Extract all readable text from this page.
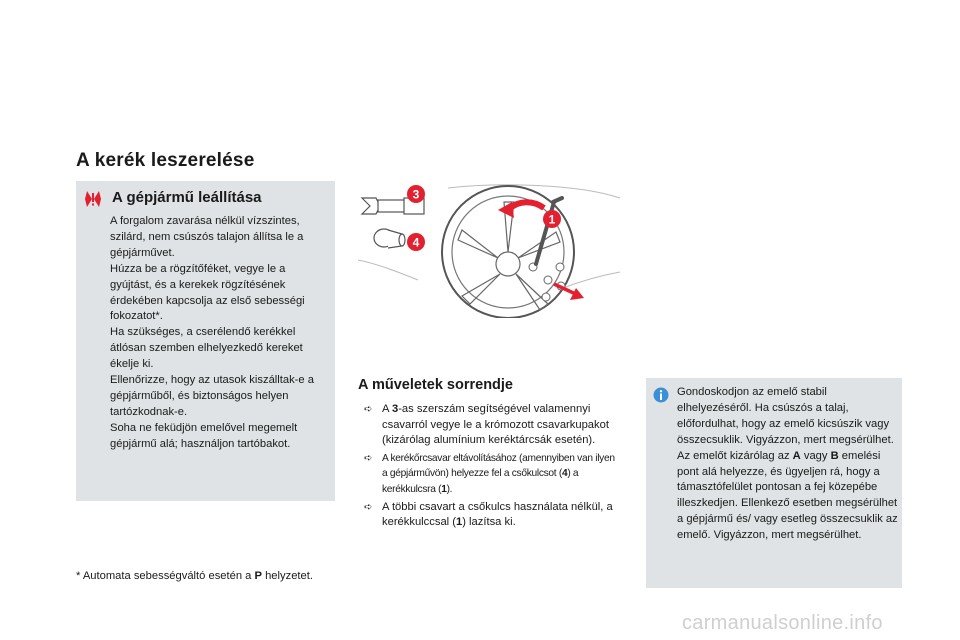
A kerék leszerelése
A gépjármű leállítása

A forgalom zavarása nélkül vízszintes, szilárd, nem csúszós talajon állítsa le a gépjárművet.
Húzza be a rögzítőféket, vegye le a gyújtást, és a kerekek rögzítésének érdekében kapcsolja az első sebességi fokozatot*.
Ha szükséges, a cserélendő kerékkel átlósan szemben elhelyezkedő kereket ékelje ki.
Ellenőrizze, hogy az utasok kiszálltak-e a gépjárműből, és biztonságos helyen tartózkodnak-e.
Soha ne feküdjön emelővel megemelt gépjármű alá; használjon tartóbakot.

* Automata sebességváltó esetén a P helyzetet.

3
4
1
A műveletek sorrendje
➪ A 3-as szerszám segítségével valamennyi csavarról vegye le a krómozott csavarkupakot (kizárólag alumínium keréktárcsák esetén).
➪ A kerékőrcsavar eltávolításához (amennyiben van ilyen a gépjárművön) helyezze fel a csőkulcsot (4) a kerékkulcsra (1).
➪ A többi csavart a csőkulcs használata nélkül, a kerékkulccsal (1) lazítsa ki.

Gondoskodjon az emelő stabil elhelyezéséről. Ha csúszós a talaj, előfordulhat, hogy az emelő kicsúszik vagy összecsuklik. Vigyázzon, mert megsérülhet.
Az emelőt kizárólag az A vagy B emelési pont alá helyezze, és ügyeljen rá, hogy a támasztófelület pontosan a fej közepébe illeszkedjen. Ellenkező esetben megsérülhet a gépjármű és/ vagy esetleg összecsuklik az emelő. Vigyázzon, mert megsérülhet.

carmanualsonline.info
